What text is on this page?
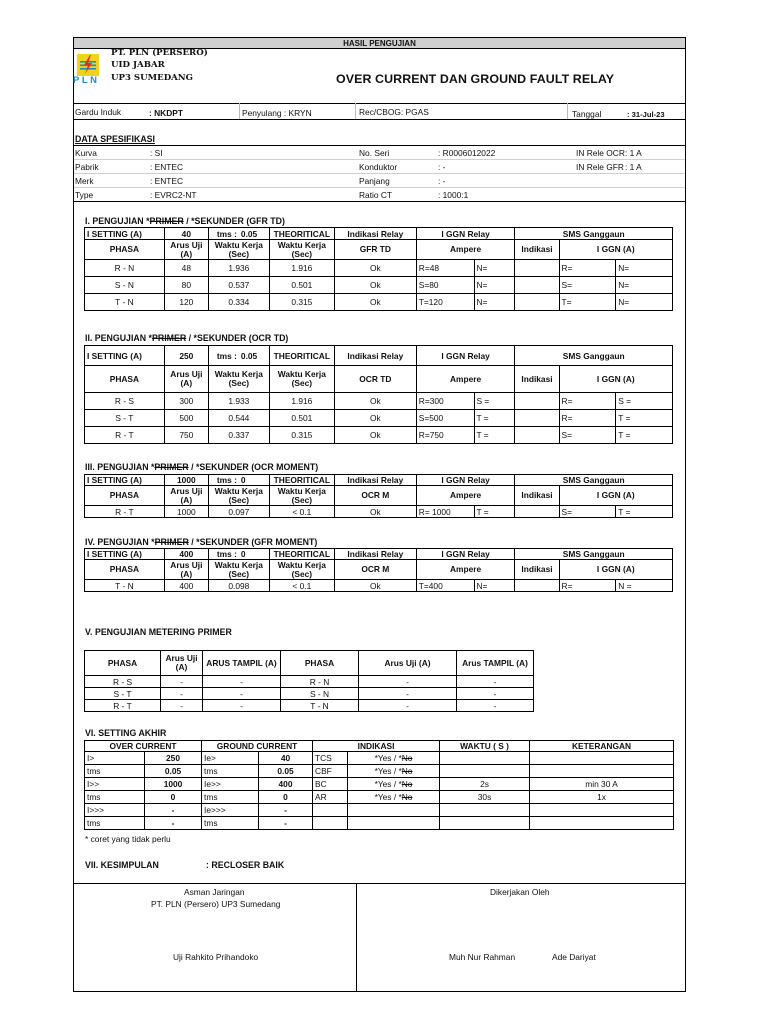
HASIL PENGUJIAN
PLN
PT. PLN (PERSERO)
UID JABAR
UP3 SUMEDANG	OVER CURRENT DAN GROUND FAULT RELAY
Gardu Induk	: NKDPT	Penyulang : KRYN	Rec/CBOG: PGAS	Tanggal	: 31-Jul-23
DATA SPESIFIKASI
Kurva	: SI
Pabrik	: ENTEC
Merk	: ENTEC
Type	: EVRC2-NT
No. Seri	: R0006012022
Konduktor	: -
Panjang	: -
Ratio CT	: 1000:1
IN Rele OCR : 1 A
IN Rele GFR : 1 A
I. PENGUJIAN *PRIMER / *SEKUNDER (GFR TD)
I SETTING (A)	40	tms : 0.05	THEORITICAL	Indikasi Relay	I GGN Relay		SMS Ganggaun		
PHASA	Arus Uji (A)	Waktu Kerja (Sec)	Waktu Kerja (Sec)	GFR TD	Ampere		Indikasi	I GGN (A)	
R - N	48	1.936	1.916	Ok	R=48	N=		R=	N=
S - N	80	0.537	0.501	Ok	S=80	N=		S=	N=
T - N	120	0.334	0.315	Ok	T=120	N=		T=	N=
II. PENGUJIAN *PRIMER / *SEKUNDER (OCR TD)
I SETTING (A)	250	tms : 0.05	THEORITICAL	Indikasi Relay	I GGN Relay		SMS Ganggaun		
PHASA	Arus Uji (A)	Waktu Kerja (Sec)	Waktu Kerja (Sec)	OCR TD	Ampere		Indikasi	I GGN (A)	
R - S	300	1.933	1.916	Ok	R=300	S =		R=	S =
S - T	500	0.544	0.501	Ok	S=500	T =		R=	T =
R - T	750	0.337	0.315	Ok	R=750	T =		S=	T =
III. PENGUJIAN *PRIMER / *SEKUNDER (OCR MOMENT)
I SETTING (A)	1000	tms : 0	THEORITICAL	Indikasi Relay	I GGN Relay		SMS Ganggaun		
PHASA	Arus Uji (A)	Waktu Kerja (Sec)	Waktu Kerja (Sec)	OCR M	Ampere		Indikasi	I GGN (A)	
R - T	1000	0.097	< 0.1	Ok	R= 1000	T =		S=	T =
IV. PENGUJIAN *PRIMER / *SEKUNDER (GFR MOMENT)
I SETTING (A)	400	tms : 0	THEORITICAL	Indikasi Relay	I GGN Relay		SMS Ganggaun		
PHASA	Arus Uji (A)	Waktu Kerja (Sec)	Waktu Kerja (Sec)	OCR M	Ampere		Indikasi	I GGN (A)	
T - N	400	0.098	< 0.1	Ok	T=400	N=		R=	N =
V. PENGUJIAN METERING PRIMER
PHASA	Arus Uji (A)	ARUS TAMPIL (A)	PHASA	Arus Uji (A)	Arus TAMPIL (A)
R - S	-	-	R - N	-	-
S - T	-	-	S - N	-	-
R - T	-	-	T - N	-	-
VI. SETTING AKHIR
OVER CURRENT		GROUND CURRENT		INDIKASI		WAKTU ( S )	KETERANGAN
I>	250	Ie>	40	TCS	*Yes / *No		
tms	0.05	tms	0.05	CBF	*Yes / *No		
I>>	1000	Ie>>	400	BC	*Yes / *No	2s	min 30 A
tms	0	tms	0	AR	*Yes / *No	30s	1x
I>>>	-	Ie>>>	-				
tms	-	tms	-				
* coret yang tidak perlu
VII. KESIMPULAN	: RECLOSER BAIK
Asman Jaringan
PT. PLN (Persero) UP3 Sumedang
Uji Rahkito Prihandoko
Dikerjakan Oleh
Muh Nur Rahman	Ade Dariyat
